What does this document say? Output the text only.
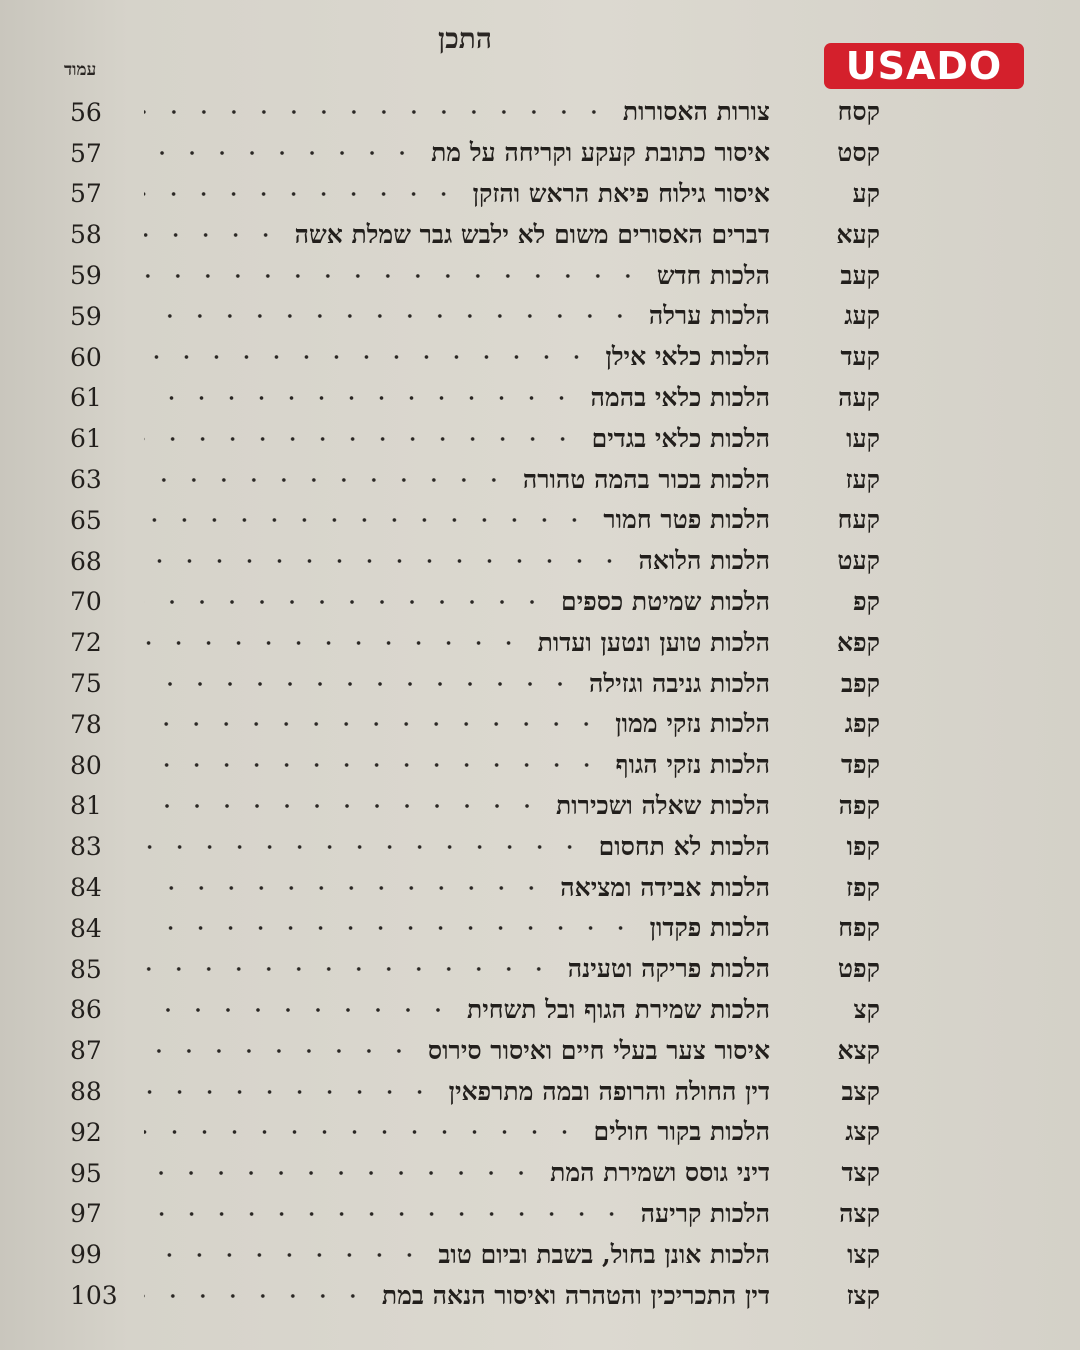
התכן
עמוד	USADO
קסח
צורות האסורות
56
קסט
איסור כתובת קעקע וקריחה על מת
57
קע
איסור גילוח פיאת הראש והזקן
57
קעא
דברים האסורים משום לא ילבש גבר שמלת אשה
58
קעב
הלכות חדש
59
קעג
הלכות ערלה
59
קעד
הלכות כלאי אילן
60
קעה
הלכות כלאי בהמה
61
קעו
הלכות כלאי בגדים
61
קעז
הלכות בכור בהמה טהורה
63
קעח
הלכות פטר חמור
65
קעט
הלכות הלואה
68
קפ
הלכות שמיטת כספים
70
קפא
הלכות טוען ונטען ועדות
72
קפב
הלכות גניבה וגזילה
75
קפג
הלכות נזקי ממון
78
קפד
הלכות נזקי הגוף
80
קפה
הלכות שאלה ושכירות
81
קפו
הלכות לא תחסום
83
קפז
הלכות אבידה ומציאה
84
קפח
הלכות פקדון
84
קפט
הלכות פריקה וטעינה
85
קצ
הלכות שמירת הגוף ובל תשחית
86
קצא
איסור צער בעלי חיים ואיסור סירוס
87
קצב
דין החולה והרופה ובמה מתרפאין
88
קצג
הלכות בקור חולים
92
קצד
דיני גוסס ושמירת המת
95
קצה
הלכות קריעה
97
קצו
הלכות אונן בחול, בשבת וביום טוב
99
קצז
דין התכריכין והטהרה ואיסור הנאה במת
103
